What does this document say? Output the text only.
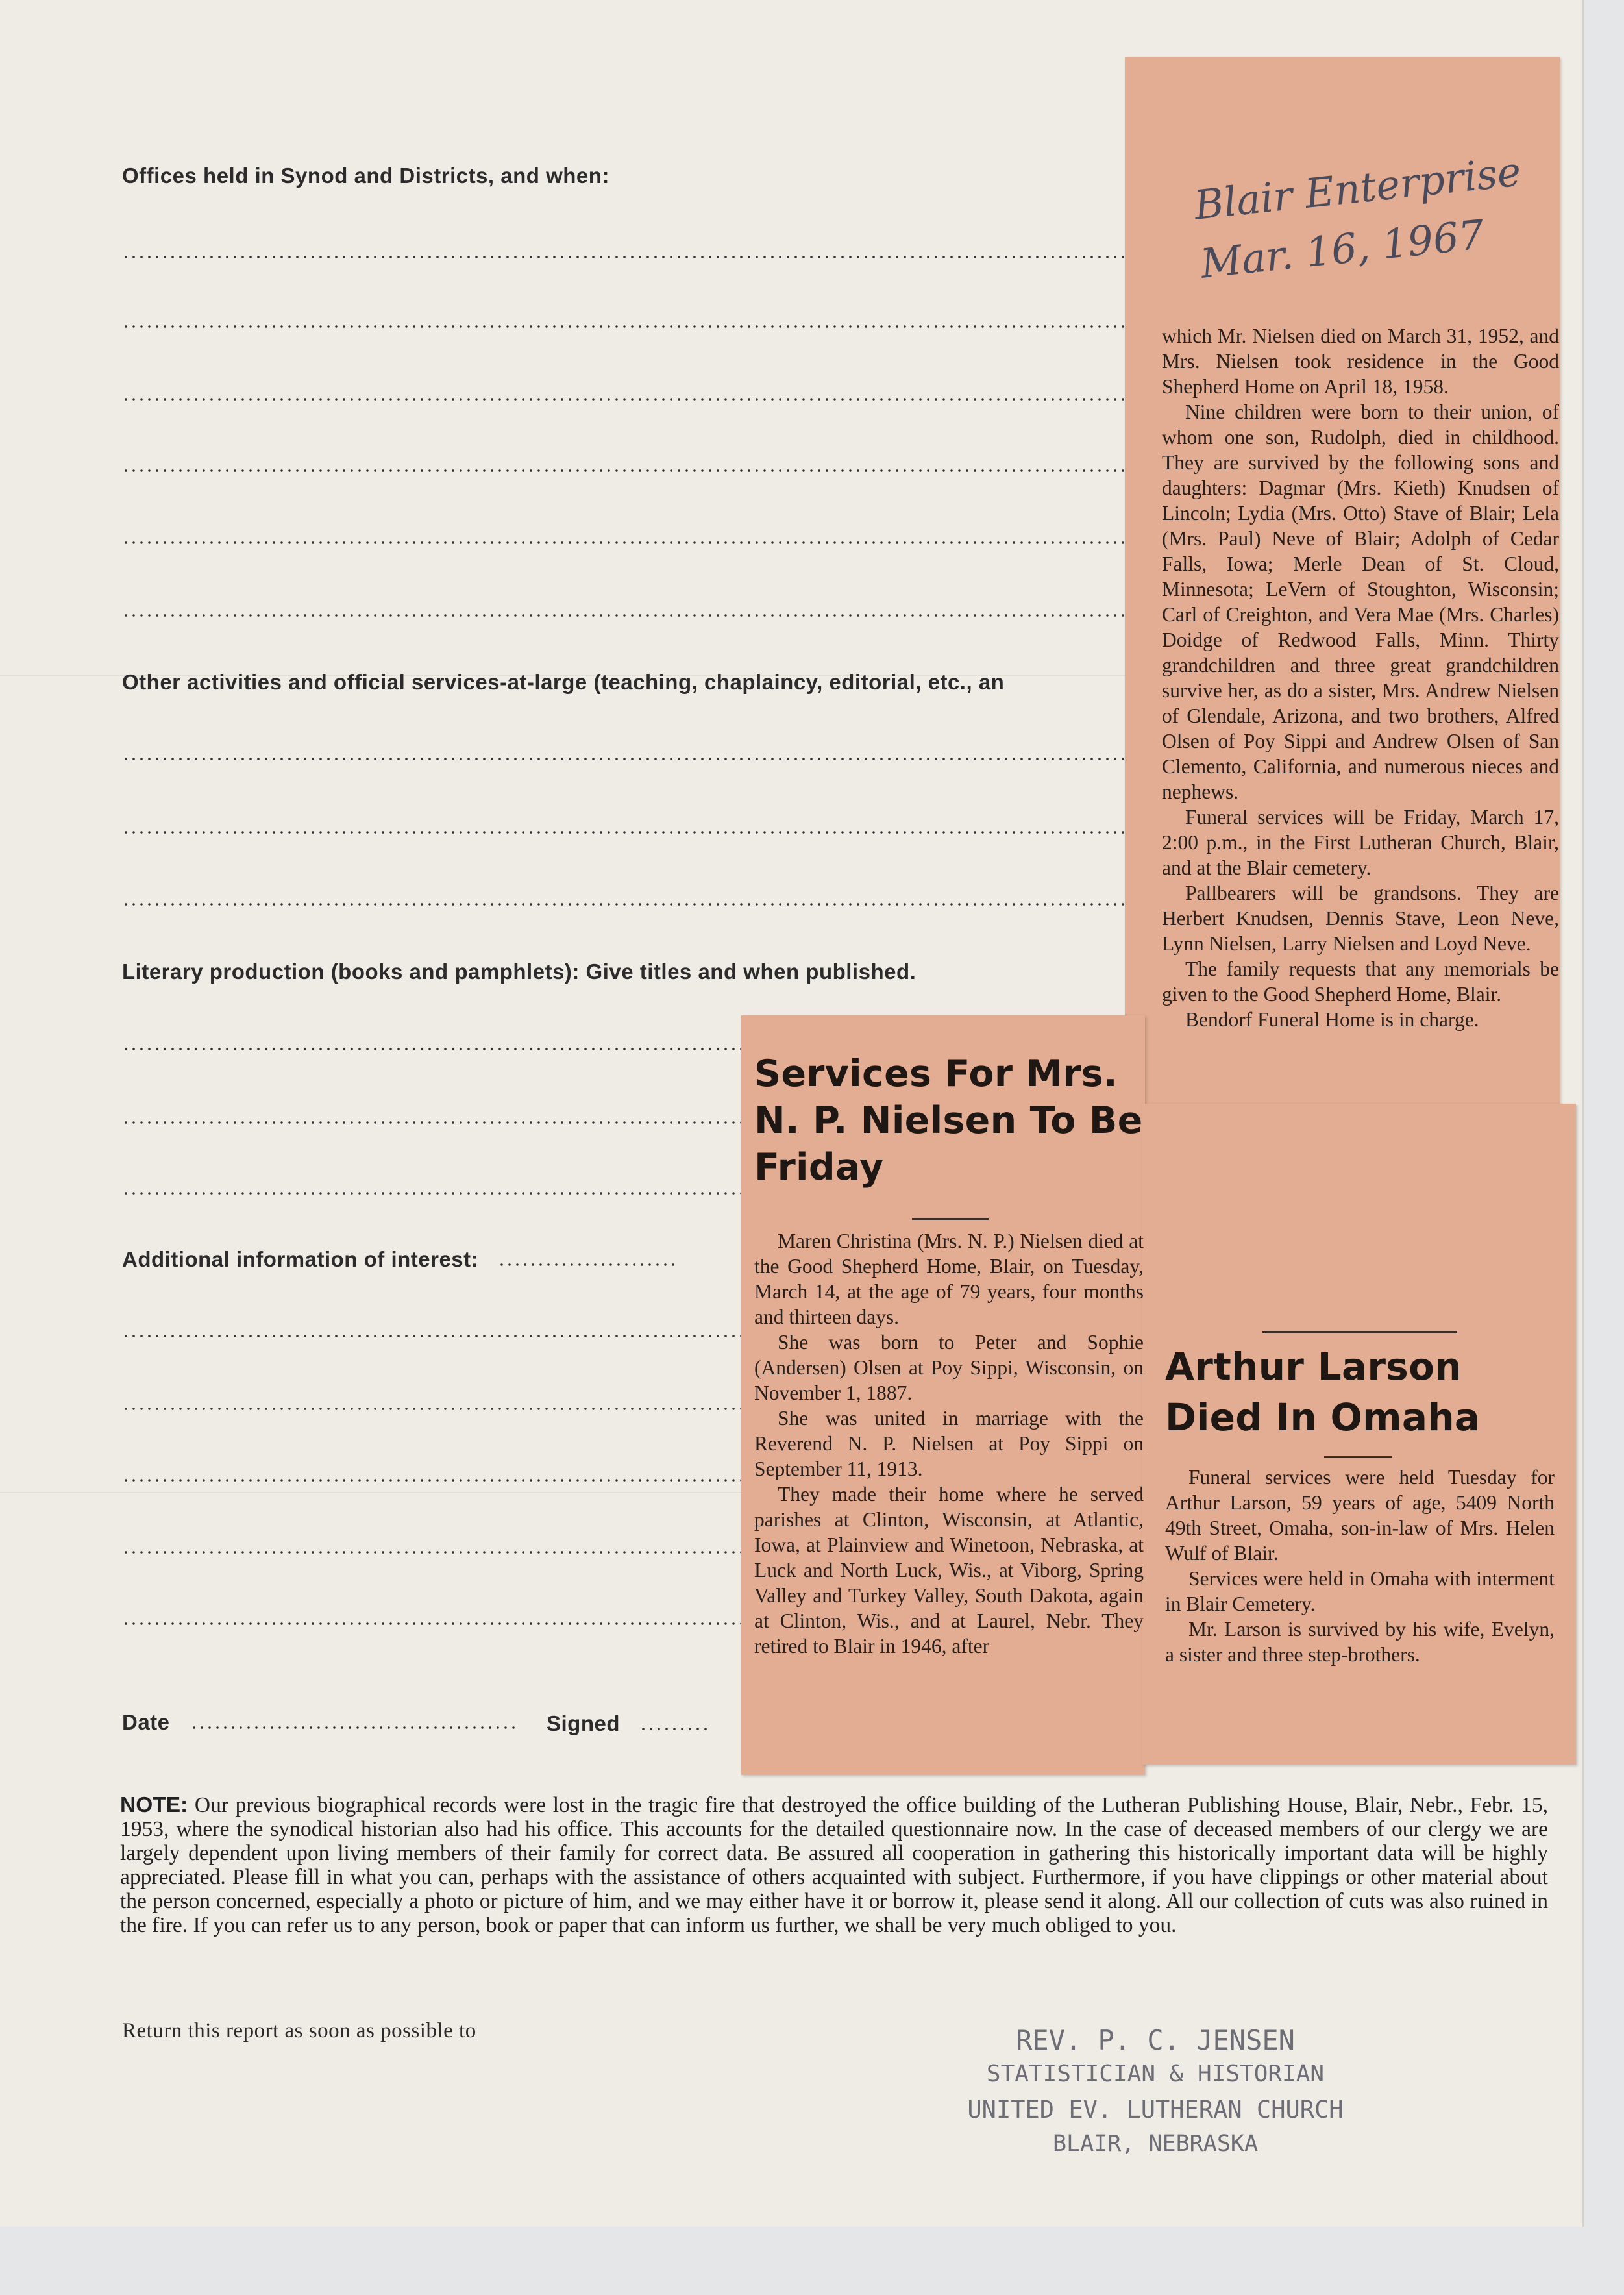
Offices held in Synod and Districts, and when:
Other activities and official services-at-large (teaching, chaplaincy, editorial, etc., an
Literary production (books and pamphlets): Give titles and when published.
Additional information of interest:
Date	Signed
Blair Enterprise
Mar. 16, 1967

which Mr. Nielsen died on March 31, 1952, and Mrs. Nielsen took residence in the Good Shepherd Home on April 18, 1958.

Nine children were born to their union, of whom one son, Rudolph, died in childhood. They are survived by the following sons and daughters: Dagmar (Mrs. Kieth) Knudsen of Lincoln; Lydia (Mrs. Otto) Stave of Blair; Lela (Mrs. Paul) Neve of Blair; Adolph of Cedar Falls, Iowa; Merle Dean of St. Cloud, Minnesota; LeVern of Stoughton, Wisconsin; Carl of Creighton, and Vera Mae (Mrs. Charles) Doidge of Redwood Falls, Minn. Thirty grandchildren and three great grandchildren survive her, as do a sister, Mrs. Andrew Nielsen of Glendale, Arizona, and two brothers, Alfred Olsen of Poy Sippi and Andrew Olsen of San Clemento, California, and numerous nieces and nephews.

Funeral services will be Friday, March 17, 2:00 p.m., in the First Lutheran Church, Blair, and at the Blair cemetery.

Pallbearers will be grandsons. They are Herbert Knudsen, Dennis Stave, Leon Neve, Lynn Nielsen, Larry Nielsen and Loyd Neve.

The family requests that any memorials be given to the Good Shepherd Home, Blair.

Bendorf Funeral Home is in charge.

Services For Mrs. N. P. Nielsen To Be Friday

Maren Christina (Mrs. N. P.) Nielsen died at the Good Shepherd Home, Blair, on Tuesday, March 14, at the age of 79 years, four months and thirteen days.

She was born to Peter and Sophie (Andersen) Olsen at Poy Sippi, Wisconsin, on November 1, 1887.

She was united in marriage with the Reverend N. P. Nielsen at Poy Sippi on September 11, 1913.

They made their home where he served parishes at Clinton, Wisconsin, at Atlantic, Iowa, at Plainview and Winetoon, Nebraska, at Luck and North Luck, Wis., at Viborg, Spring Valley and Turkey Valley, South Dakota, again at Clinton, Wis., and at Laurel, Nebr. They retired to Blair in 1946, after

Arthur Larson Died In Omaha

Funeral services were held Tuesday for Arthur Larson, 59 years of age, 5409 North 49th Street, Omaha, son-in-law of Mrs. Helen Wulf of Blair.

Services were held in Omaha with interment in Blair Cemetery.

Mr. Larson is survived by his wife, Evelyn, a sister and three step-brothers.

NOTE: Our previous biographical records were lost in the tragic fire that destroyed the office building of the Lutheran Publishing House, Blair, Nebr., Febr. 15, 1953, where the synodical historian also had his office. This accounts for the detailed questionnaire now. In the case of deceased members of our clergy we are largely dependent upon living members of their family for correct data. Be assured all cooperation in gathering this historically important data will be highly appreciated. Please fill in what you can, perhaps with the assistance of others acquainted with subject. Furthermore, if you have clippings or other material about the person concerned, especially a photo or picture of him, and we may either have it or borrow it, please send it along. All our collection of cuts was also ruined in the fire. If you can refer us to any person, book or paper that can inform us further, we shall be very much obliged to you.
Return this report as soon as possible to	REV. P. C. JENSEN
STATISTICIAN & HISTORIAN
UNITED EV. LUTHERAN CHURCH
BLAIR, NEBRASKA
